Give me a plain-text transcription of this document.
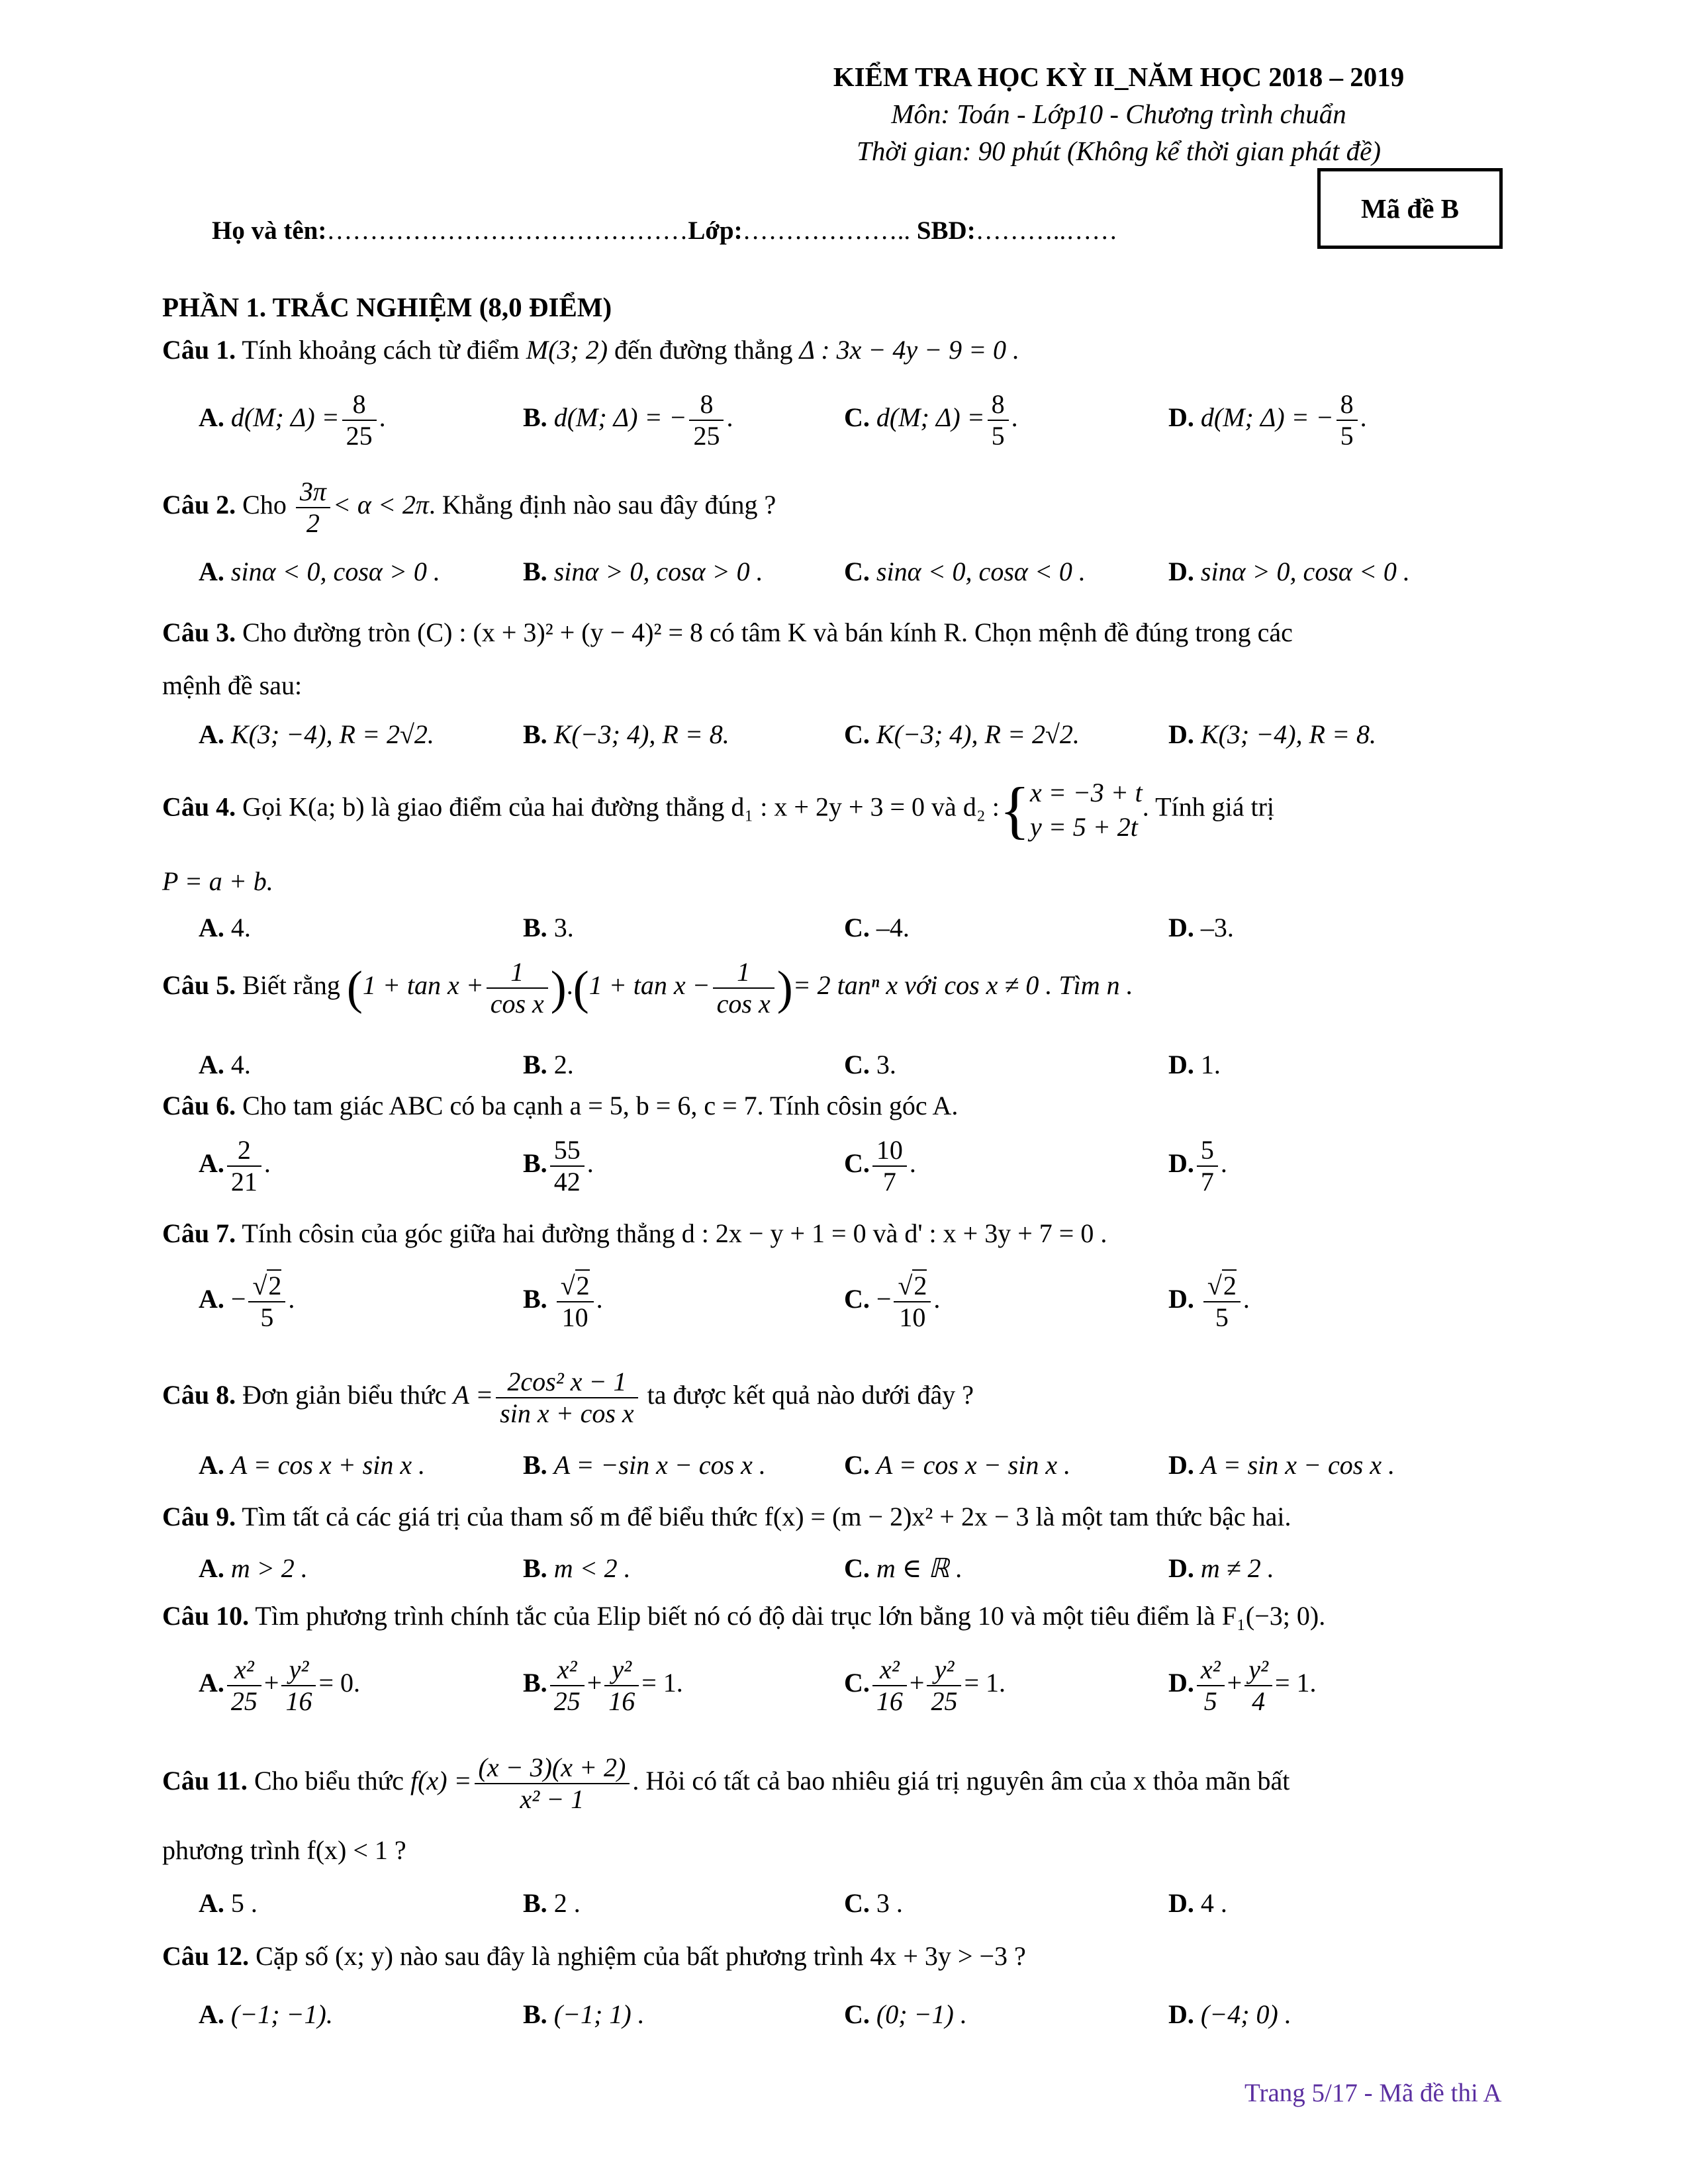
KIỂM TRA HỌC KỲ II_NĂM HỌC 2018 – 2019
Môn: Toán - Lớp10 - Chương trình chuẩn
Thời gian: 90 phút (Không kể thời gian phát đề)
Mã đề B
Họ và tên:……………………………………Lớp:……………….. SBD:………..……
PHẦN 1. TRẮC NGHIỆM (8,0 ĐIỂM)
Câu 1. Tính khoảng cách từ điểm M(3; 2) đến đường thẳng Δ : 3x − 4y − 9 = 0 .
A. d(M; $\Delta) = \frac{8}{25}$ .	B. d(M; Δ) = − $\frac{8}{25}$ .	C. d(M; $\Delta) = \frac{8}{5}$ .	D. d(M; Δ) = − $\frac{8}{5}$ .
Câu 2. Cho $\frac{3\pi}{2} < \alpha < 2\pi$. Khẳng định nào sau đây đúng ?
A. sinα < 0, cosα > 0 .	B. sinα > 0, cosα > 0 .	C. sinα < 0, cosα < 0 .	D. sinα > 0, cosα < 0 .
Câu 3. Cho đường tròn (C) : (x + 3)² + (y − 4)² = 8 có tâm K và bán kính R. Chọn mệnh đề đúng trong các
mệnh đề sau:
A. K(3; −4), R = 2√2.	B. K(−3; 4), R = 8.	C. K(−3; 4), R = 2√2.	D. K(3; −4), R = 8.
Câu 4. Gọi K(a; b) là giao điểm của hai đường thẳng d₁ : x + 2y + 3 = 0 và d₂ :{x = −3 + t
y = 5 + 2t. Tính giá trị
P = a + b.
A. 4.	B. 3.	C. –4.	D. –3.
Câu 5. Biết rằng $(1 + \tan x + \frac{1}{\text{cos x}} ).(1 + \tan x - \frac{1}{\text{cos x}}$ )= 2 tanⁿ x với cos x ≠ 0 . Tìm n .
A. 4.	B. 2.	C. 3.	D. 1.
Câu 6. Cho tam giác ABC có ba cạnh a = 5, b = 6, c = 7. Tính côsin góc A.
A. $\frac{2}{21}$ .	B. $\frac{55}{42}$ .	C. $\frac{10}{7}$ .	D. $\frac{5}{7}$ .
Câu 7. Tính côsin của góc giữa hai đường thẳng d : 2x − y + 1 = 0 và d' : x + 3y + 7 = 0 .
A. − $\frac{√2}{5}$ .	B. $\frac{√2}{10}$ .	C. − $\frac{√2}{10}$ .	D. $\frac{√2}{5}$ .
Câu 8. Đơn giản biểu thức $A = \frac{\text{2cos² x − 1}}{\text{sin x + cos x}}$ ta được kết quả nào dưới đây ?
A. A = cos x + sin x .	B. A = −sin x − cos x .	C. A = cos x − sin x .	D. A = sin x − cos x .
Câu 9. Tìm tất cả các giá trị của tham số m để biểu thức f(x) = (m − 2)x² + 2x − 3 là một tam thức bậc hai.
A. m > 2 .	B. m < 2 .	C. m ∈ ℝ .	D. m ≠ 2 .
Câu 10. Tìm phương trình chính tắc của Elip biết nó có độ dài trục lớn bằng 10 và một tiêu điểm là F₁(−3; 0).
A. $\frac{\text{x²}}{25} + \frac{\text{y²}}{16} = 0$.	B. $\frac{\text{x²}}{25} + \frac{\text{y²}}{16} = 1$.	C. $\frac{\text{x²}}{16} + \frac{\text{y²}}{25} = 1$.	D. $\frac{\text{x²}}{5} + \frac{\text{y²}}{4} = 1$.
Câu 11. Cho biểu thức $f(x) = \frac{(x - 3)(x + 2)}{\text{x² − 1}}$ . Hỏi có tất cả bao nhiêu giá trị nguyên âm của x thỏa mãn bất
phương trình f(x) < 1 ?
A. 5 .	B. 2 .	C. 3 .	D. 4 .
Câu 12. Cặp số (x; y) nào sau đây là nghiệm của bất phương trình 4x + 3y > −3 ?
A. (−1; −1).	B. (−1; 1) .	C. (0; −1) .	D. (−4; 0) .
Trang 5/17 - Mã đề thi A
